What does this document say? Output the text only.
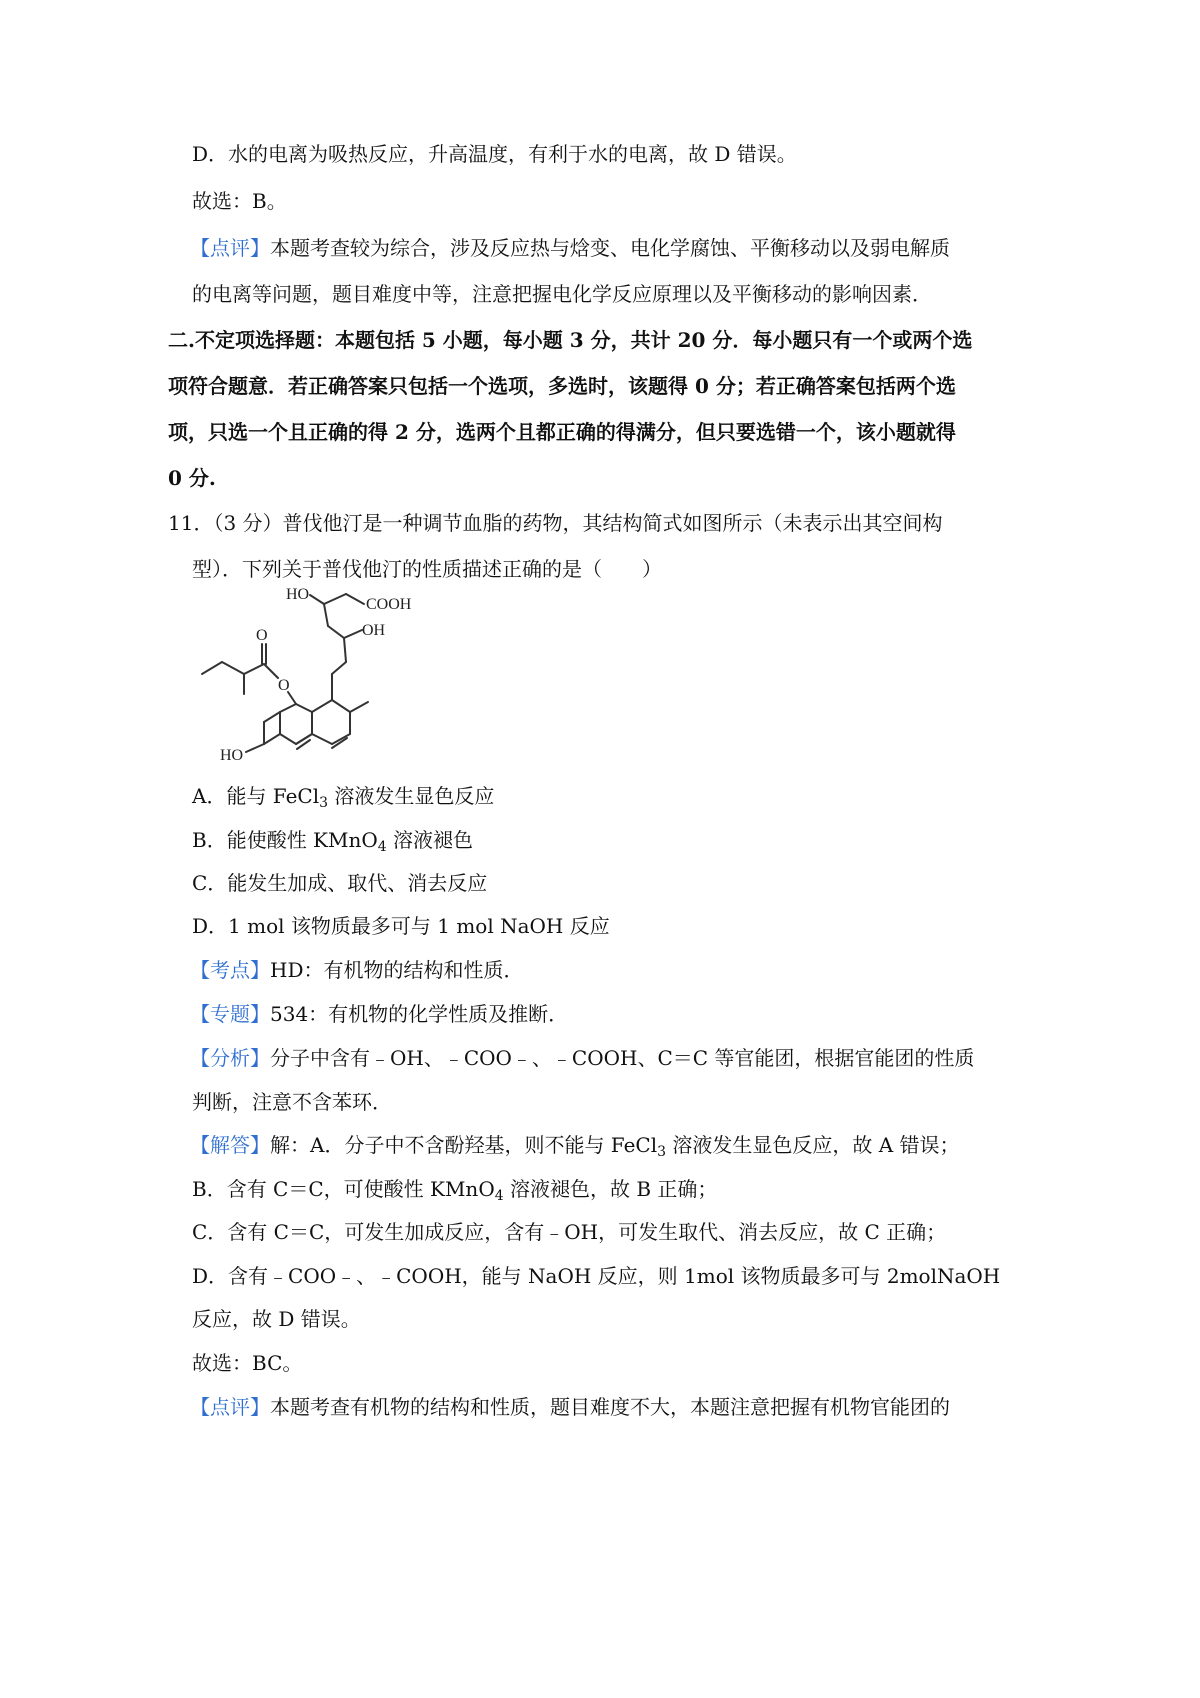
D．水的电离为吸热反应，升高温度，有利于水的电离，故 D 错误。

故选：B。

【点评】本题考查较为综合，涉及反应热与焓变、电化学腐蚀、平衡移动以及弱电解质

的电离等问题，题目难度中等，注意把握电化学反应原理以及平衡移动的影响因素．

二.不定项选择题：本题包括 5 小题，每小题 3 分，共计 20 分．每小题只有一个或两个选

项符合题意．若正确答案只包括一个选项，多选时，该题得 0 分；若正确答案包括两个选

项，只选一个且正确的得 2 分，选两个且都正确的得满分，但只要选错一个，该小题就得

0 分.

11．（3 分）普伐他汀是一种调节血脂的药物，其结构简式如图所示（未表示出其空间构

型）．下列关于普伐他汀的性质描述正确的是（　　）

HO
COOH
OH
O
O
HO

A．能与 FeCl$_3$ 溶液发生显色反应

B．能使酸性 KMnO$_4$ 溶液褪色

C．能发生加成、取代、消去反应

D．1 mol 该物质最多可与 1 mol NaOH 反应

【考点】HD：有机物的结构和性质．

【专题】534：有机物的化学性质及推断．

【分析】分子中含有﹣OH、﹣COO﹣、﹣COOH、C＝C 等官能团，根据官能团的性质

判断，注意不含苯环．

【解答】解：A．分子中不含酚羟基，则不能与 FeCl$_3$ 溶液发生显色反应，故 A 错误；

B．含有 C＝C，可使酸性 KMnO$_4$ 溶液褪色，故 B 正确；

C．含有 C＝C，可发生加成反应，含有﹣OH，可发生取代、消去反应，故 C 正确；

D．含有﹣COO﹣、﹣COOH，能与 NaOH 反应，则 1mol 该物质最多可与 2molNaOH

反应，故 D 错误。

故选：BC。

【点评】本题考查有机物的结构和性质，题目难度不大，本题注意把握有机物官能团的
